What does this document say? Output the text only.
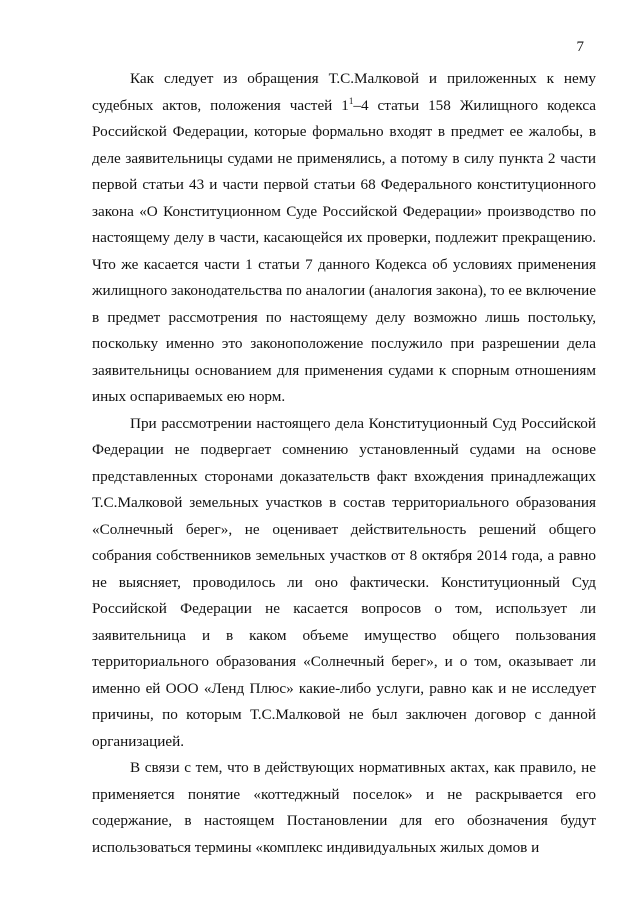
7

Как следует из обращения Т.С.Малковой и приложенных к нему судебных актов, положения частей $1^1-4$ статьи 158 Жилищного кодекса Российской Федерации, которые формально входят в предмет ее жалобы, в деле заявительницы судами не применялись, а потому в силу пункта 2 части первой статьи 43 и части первой статьи 68 Федерального конституционного закона «О Конституционном Суде Российской Федерации» производство по настоящему делу в части, касающейся их проверки, подлежит прекращению. Что же касается части 1 статьи 7 данного Кодекса об условиях применения жилищного законодательства по аналогии (аналогия закона), то ее включение в предмет рассмотрения по настоящему делу возможно лишь постольку, поскольку именно это законоположение послужило при разрешении дела заявительницы основанием для применения судами к спорным отношениям иных оспариваемых ею норм.

При рассмотрении настоящего дела Конституционный Суд Российской Федерации не подвергает сомнению установленный судами на основе представленных сторонами доказательств факт вхождения принадлежащих Т.С.Малковой земельных участков в состав территориального образования «Солнечный берег», не оценивает действительность решений общего собрания собственников земельных участков от 8 октября 2014 года, а равно не выясняет, проводилось ли оно фактически. Конституционный Суд Российской Федерации не касается вопросов о том, использует ли заявительница и в каком объеме имущество общего пользования территориального образования «Солнечный берег», и о том, оказывает ли именно ей ООО «Ленд Плюс» какие-либо услуги, равно как и не исследует причины, по которым Т.С.Малковой не был заключен договор с данной организацией.

В связи с тем, что в действующих нормативных актах, как правило, не применяется понятие «коттеджный поселок» и не раскрывается его содержание, в настоящем Постановлении для его обозначения будут использоваться термины «комплекс индивидуальных жилых домов и
